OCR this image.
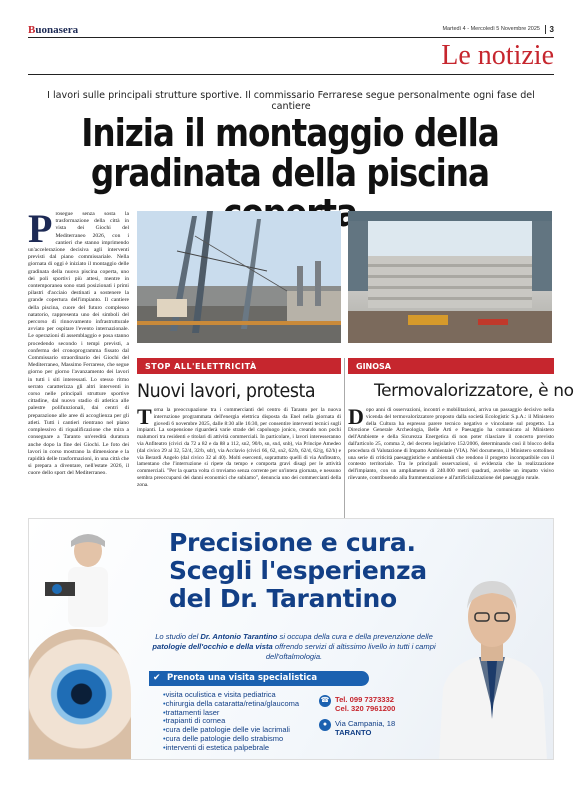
Buonasera	Martedì 4 - Mercoledì 5 Novembre 2025	3
Le notizie
I lavori sulle principali strutture sportive. Il commissario Ferrarese segue personalmente ogni fase del cantiere
Inizia il montaggio della
gradinata della piscina
P rosegue senza sosta la trasformazione della città in vista dei Giochi del Mediterraneo 2026, con i cantieri che stanno imprimendo un'accelerazione decisiva agli interventi previsti dal piano commissariale. Nella giornata di oggi è iniziato il montaggio delle gradinata della nuova piscina coperta, uno dei poli sportivi più attesi, mentre in contemporanea sono stati posizionati i primi pilastri d'acciaio destinati a sostenere la grande copertura dell'impianto. Il cantiere della piscina, cuore del futuro complesso natatorio, rappresenta uno dei simboli del percorso di rinnovamento infrastrutturale avviato per ospitare l'evento internazionale. Le operazioni di assemblaggio e posa stanno procedendo secondo i tempi previsti, a conferma del cronoprogramma fissato dal Commissario straordinario dei Giochi del Mediterraneo, Massimo Ferrarese, che segue giorno per giorno l'avanzamento dei lavori in tutti i siti interessati. Lo stesso ritmo serrato caratterizza gli altri interventi in corso nelle principali strutture sportive cittadine, dal nuovo stadio di atletica alle palestre polifunzionali, dai centri di preparazione alle aree di accoglienza per gli atleti. Tutti i cantieri rientrano nel piano complessivo di riqualificazione che mira a consegnare a Taranto un'eredità duratura anche dopo la fine dei Giochi. Le foto dei lavori in corso mostrano la dimensione e la rapidità delle trasformazioni, in una città che si prepara a diventare, nell'estate 2026, il cuore dello sport del Mediterraneo.
STOP ALL'ELETTRICITÀ
Nuovi lavori, protesta
T orna la preoccupazione tra i commercianti del centro di Taranto per la nuova interruzione programmata dell'energia elettrica disposta da Enel nella giornata di giovedì 6 novembre 2025, dalle 8:30 alle 16:30, per consentire interventi tecnici sugli impianti. La sospensione riguarderà varie strade del capoluogo jonico, creando non pochi malumori tra residenti e titolari di attività commerciali. In particolare, i lavori interesseranno via Anfiteatro (civici da 72 a 82 e da 88 a 112, sn2, 90/b, sn, sn4, snb), via Principe Amedeo (dal civico 29 al 32, 52/4, 32/b, sdr), via Acclavio (civici 66, 62, sn2, 62/b, 62/d, 62/g, 62/h) e via Berardi Angelo (dal civico 32 al 40). Molti esercenti, soprattutto quelli di via Anfiteatro, lamentano che l'interruzione si ripete da tempo e comporta gravi disagi per le attività commerciali. "Per la quarta volta ci troviamo senza corrente per un'intera giornata, e nessuno sembra preoccuparsi dei danni economici che subiamo", denuncia uno dei commercianti della zona.
GINOSA
Termovalorizzatore, è no
D opo anni di osservazioni, incontri e mobilitazioni, arriva un passaggio decisivo nella vicenda del termovalorizzatore proposto dalla società Ecologistic S.p.A.: il Ministero della Cultura ha espresso parere tecnico negativo e vincolante sul progetto. La Direzione Generale Archeologia, Belle Arti e Paesaggio ha comunicato al Ministero dell'Ambiente e della Sicurezza Energetica di non poter rilasciare il concerto previsto dall'articolo 25, comma 2, del decreto legislativo 152/2006, determinando così il blocco della procedura di Valutazione di Impatto Ambientale (VIA). Nel documento, il Ministero sottolinea una serie di criticità paesaggistiche e ambientali che rendono il progetto incompatibile con il contesto territoriale. Tra le principali osservazioni, si evidenzia che la realizzazione dell'impianto, con un ampliamento di 240.000 metri quadrati, avrebbe un impatto visivo rilevante, contribuendo alla frammentazione e all'artificializzazione del paesaggio rurale.
Precisione e cura.
Scegli l'esperienza
del Dr. Tarantino
Lo studio del Dr. Antonio Tarantino si occupa della cura e della prevenzione delle patologie dell'occhio e della vista offrendo servizi di altissimo livello in tutti i campi dell'oftalmologia.
✔ Prenota una visita specialistica
• visita oculistica e visita pediatrica
• chirurgia della cataratta/retina/glaucoma
• trattamenti laser
• trapianti di cornea
• cura delle patologie delle vie lacrimali
• cura delle patologie dello strabismo
• interventi di estetica palpebrale
☎ Tel. 099 7373332
Cel. 320 7961200
●	Via Campania, 18
TARANTO
